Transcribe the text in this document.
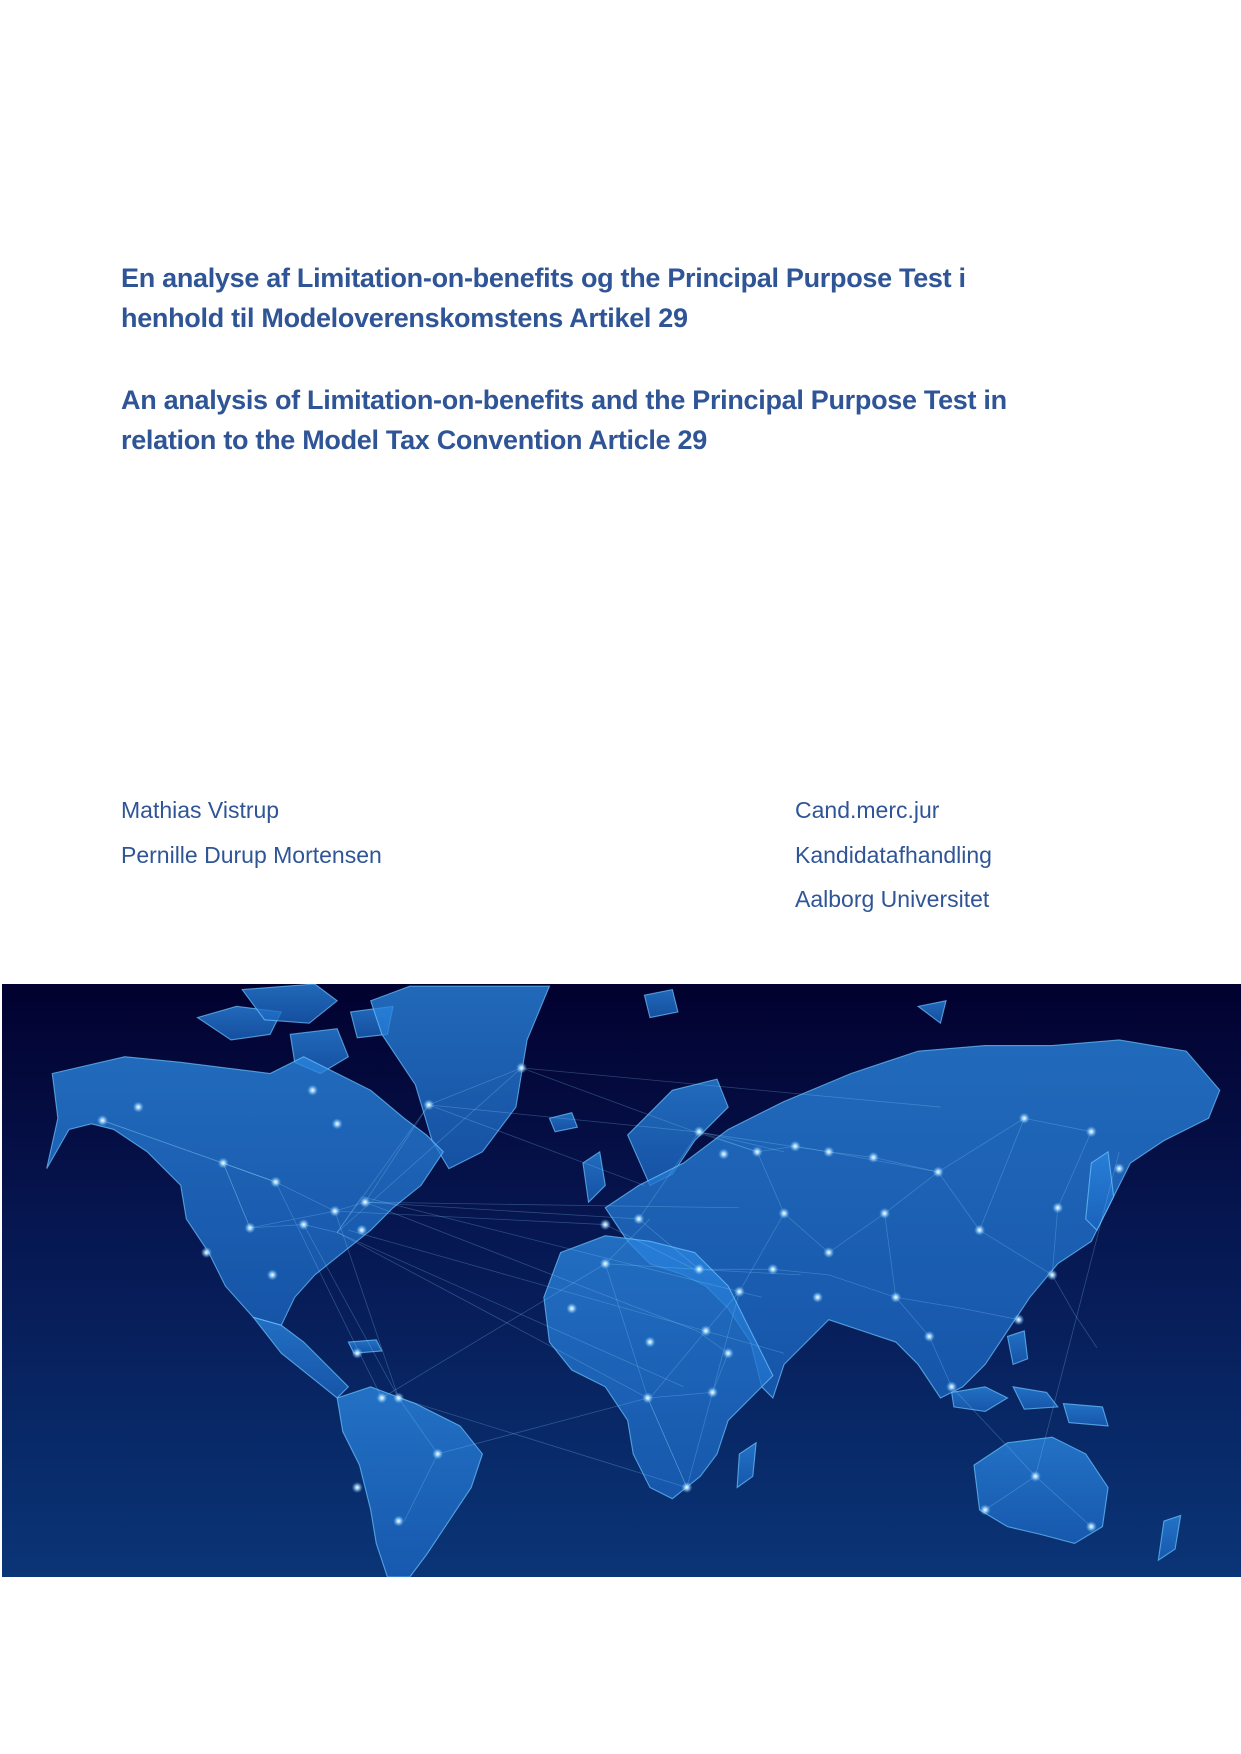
En analyse af Limitation-on-benefits og the Principal Purpose Test i
henhold til Modeloverenskomstens Artikel 29
An analysis of Limitation-on-benefits and the Principal Purpose Test in
relation to the Model Tax Convention Article 29
Mathias Vistrup
Pernille Durup Mortensen
Cand.merc.jur
Kandidatafhandling
Aalborg Universitet
